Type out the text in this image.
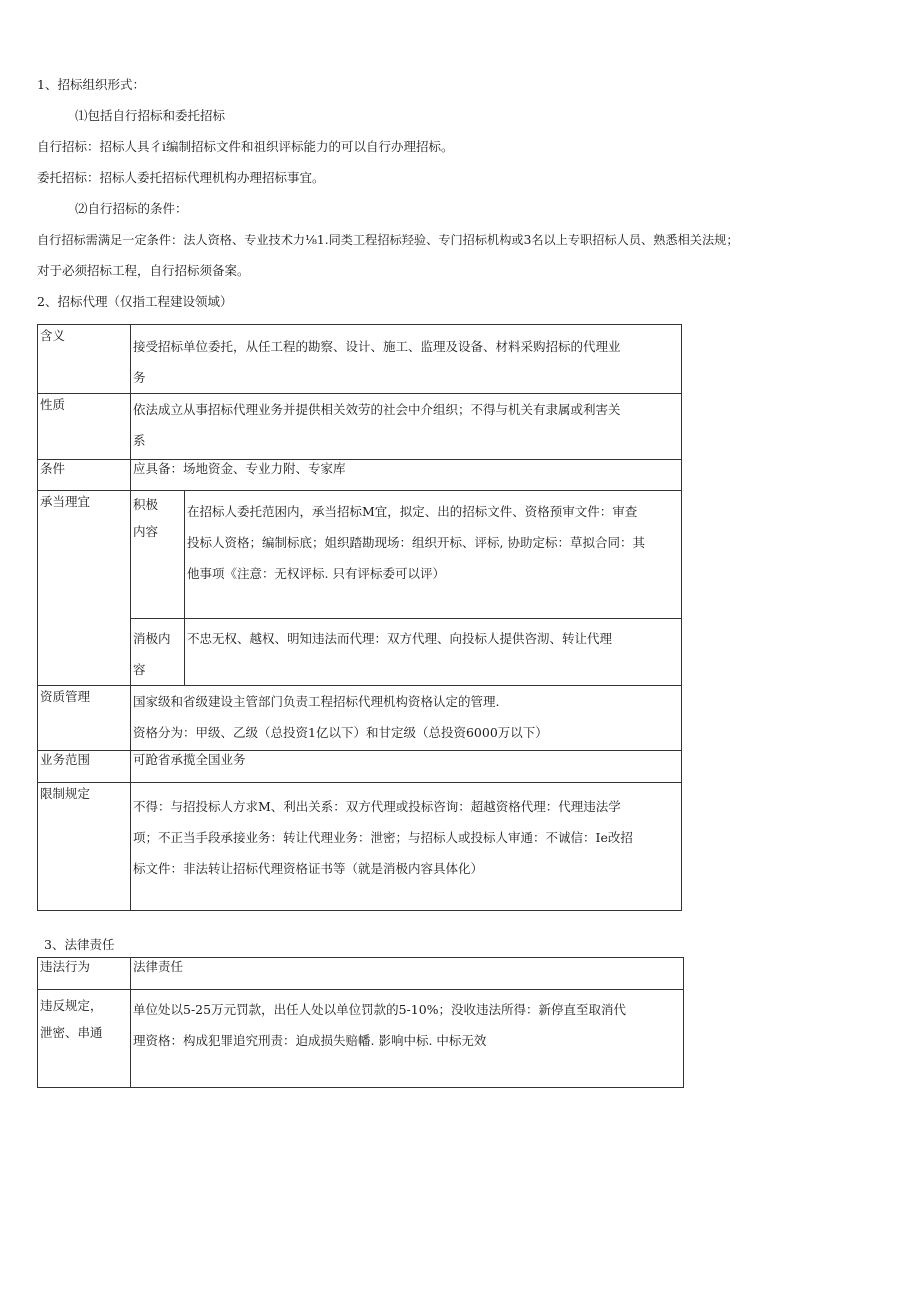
1、招标组织形式：
⑴包括自行招标和委托招标
自行招标：招标人具彳i编制招标文件和祖织评标能力的可以自行办理招标。
委托招标：招标人委托招标代理机构办理招标事宜。
⑵自行招标的条件：
自行招标需满足一定条件：法人资格、专业技术力⅛1.同类工程招标羟验、专门招标机构或3名以上专职招标人员、熟悉相关法规；
对于必须招标工程，自行招标须备案。
2、招标代理（仅指工程建设领域）
含义	接受招标单位委托，从任工程的勘察、设计、施工、监理及设备、材料采购招标的代理业
务	

性质	依法成立从事招标代理业务并提供相关效劳的社会中介组织；不得与机关有隶属或利害关
系	

条件	应具备：场地资金、专业力附、专家库	
承当理宜	积极
内容	在招标人委托范困内，承当招标M宜，拟定、出的招标文件、资格预审文件：审查
投标人资格；编制标底；姐织踏勘现场：组织开标、评标, 协助定标：草拟合同：其
他事项《注意：无权评标. 只有评标委可以评）

	消极内
容	不忠无权、越权、明知违法而代理：双方代理、向投标人提供咨沏、转让代理
资质管理	国家级和省级建设主管部门负责工程招标代理机构资格认定的管理.
资格分为：甲级、乙级（总投资1亿以下）和甘定级（总投资6000万以下）	

业务范围	可跄省承揽全国业务	
限制规定	不得：与招投标人方求M、利出关系：双方代理或投标咨询：超越资格代理：代理违法学
项；不正当手段承接业务：转让代理业务：泄密；与招标人或投标人审通：不诚信：Ie改招
标文件：非法转让招标代理资格证书等（就是消极内容具体化）	
3、法律责任
违法行为	法律责任

违反规定，
泄密、串通	单位处以5-25万元罚款，出任人处以单位罚款的5-10%；没收违法所得：新停直至取消代
理资格：构成犯罪追究刑责：迫成损失赔幡. 影响中标. 中标无效
